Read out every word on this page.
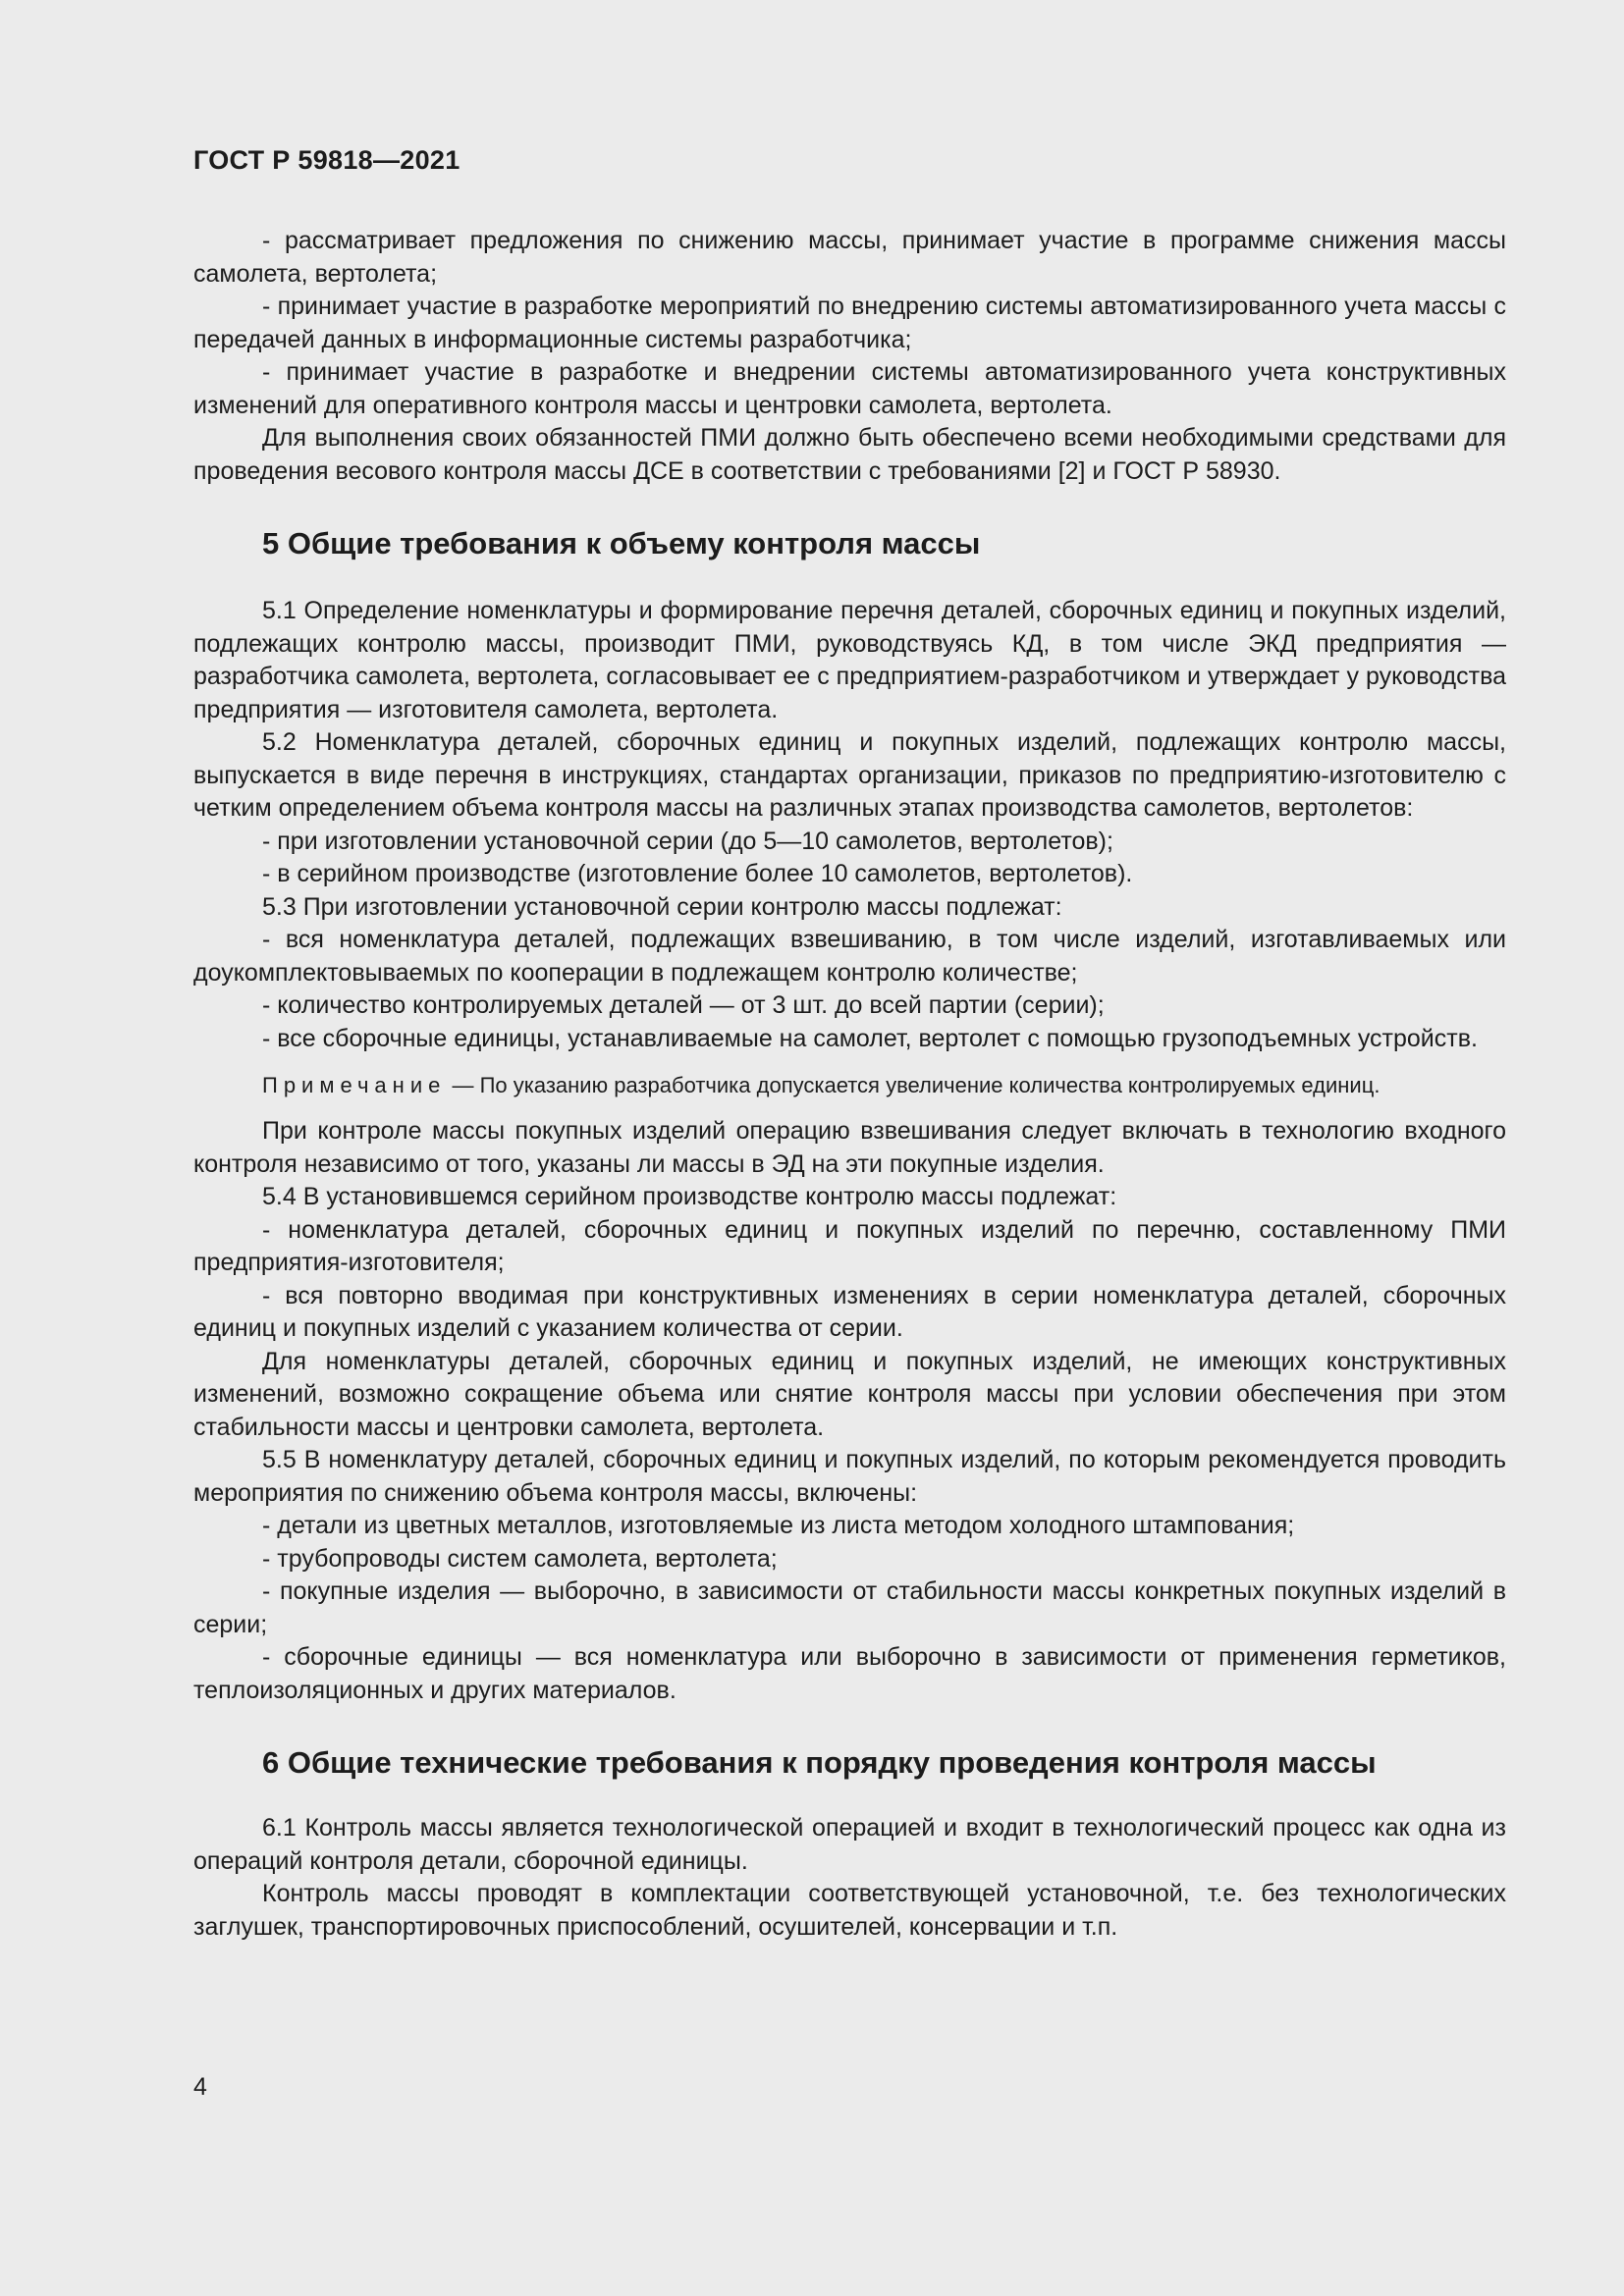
ГОСТ Р 59818—2021

- рассматривает предложения по снижению массы, принимает участие в программе снижения массы самолета, вертолета;

- принимает участие в разработке мероприятий по внедрению системы автоматизированного учета массы с передачей данных в информационные системы разработчика;

- принимает участие в разработке и внедрении системы автоматизированного учета конструктивных изменений для оперативного контроля массы и центровки самолета, вертолета.

Для выполнения своих обязанностей ПМИ должно быть обеспечено всеми необходимыми средствами для проведения весового контроля массы ДСЕ в соответствии с требованиями [2] и ГОСТ Р 58930.

5 Общие требования к объему контроля массы

5.1 Определение номенклатуры и формирование перечня деталей, сборочных единиц и покупных изделий, подлежащих контролю массы, производит ПМИ, руководствуясь КД, в том числе ЭКД предприятия — разработчика самолета, вертолета, согласовывает ее с предприятием-разработчиком и утверждает у руководства предприятия — изготовителя самолета, вертолета.

5.2 Номенклатура деталей, сборочных единиц и покупных изделий, подлежащих контролю массы, выпускается в виде перечня в инструкциях, стандартах организации, приказов по предприятию-изготовителю с четким определением объема контроля массы на различных этапах производства самолетов, вертолетов:

- при изготовлении установочной серии (до 5—10 самолетов, вертолетов);

- в серийном производстве (изготовление более 10 самолетов, вертолетов).

5.3 При изготовлении установочной серии контролю массы подлежат:

- вся номенклатура деталей, подлежащих взвешиванию, в том числе изделий, изготавливаемых или доукомплектовываемых по кооперации в подлежащем контролю количестве;

- количество контролируемых деталей — от 3 шт. до всей партии (серии);

- все сборочные единицы, устанавливаемые на самолет, вертолет с помощью грузоподъемных устройств.

Примечание — По указанию разработчика допускается увеличение количества контролируемых единиц.

При контроле массы покупных изделий операцию взвешивания следует включать в технологию входного контроля независимо от того, указаны ли массы в ЭД на эти покупные изделия.

5.4 В установившемся серийном производстве контролю массы подлежат:

- номенклатура деталей, сборочных единиц и покупных изделий по перечню, составленному ПМИ предприятия-изготовителя;

- вся повторно вводимая при конструктивных изменениях в серии номенклатура деталей, сборочных единиц и покупных изделий с указанием количества от серии.

Для номенклатуры деталей, сборочных единиц и покупных изделий, не имеющих конструктивных изменений, возможно сокращение объема или снятие контроля массы при условии обеспечения при этом стабильности массы и центровки самолета, вертолета.

5.5 В номенклатуру деталей, сборочных единиц и покупных изделий, по которым рекомендуется проводить мероприятия по снижению объема контроля массы, включены:

- детали из цветных металлов, изготовляемые из листа методом холодного штампования;

- трубопроводы систем самолета, вертолета;

- покупные изделия — выборочно, в зависимости от стабильности массы конкретных покупных изделий в серии;

- сборочные единицы — вся номенклатура или выборочно в зависимости от применения герметиков, теплоизоляционных и других материалов.

6 Общие технические требования к порядку проведения контроля массы

6.1 Контроль массы является технологической операцией и входит в технологический процесс как одна из операций контроля детали, сборочной единицы.

Контроль массы проводят в комплектации соответствующей установочной, т.е. без технологических заглушек, транспортировочных приспособлений, осушителей, консервации и т.п.

4
